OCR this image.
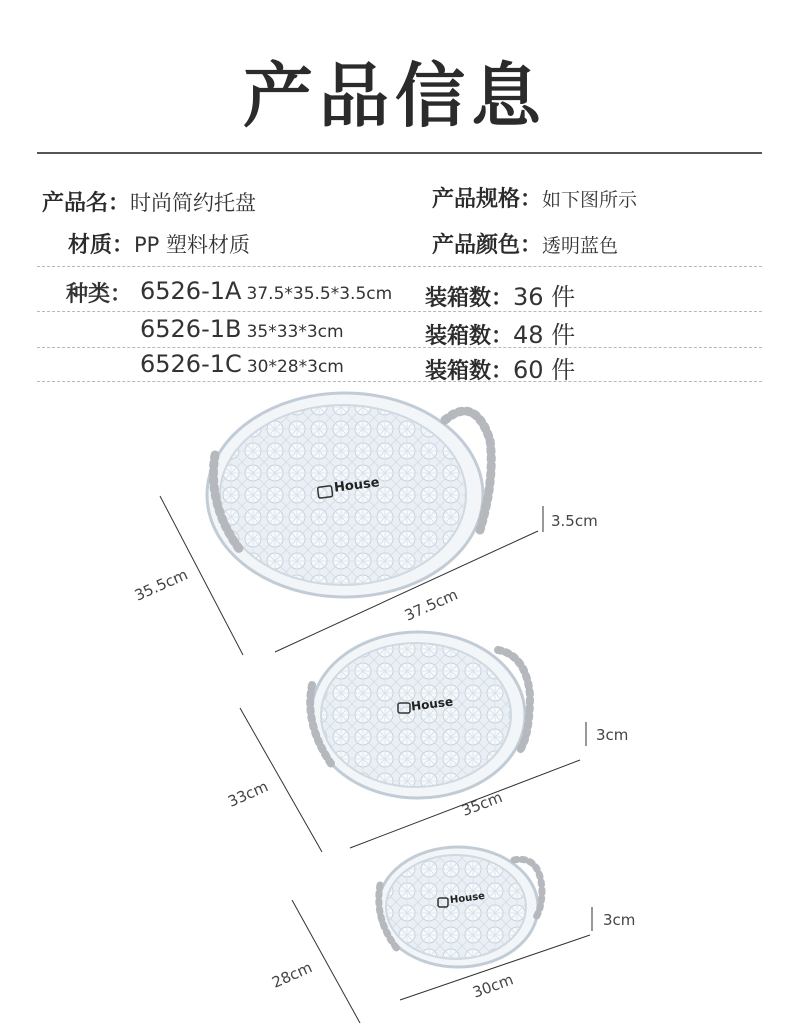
产品信息
产品名：时尚简约托盘	产品规格：如下图所示
材质：PP 塑料材质	产品颜色：透明蓝色
种类： 6526-1A 37.5*35.5*3.5cm 装箱数：36 件
6526-1B 35*33*3cm	装箱数：48 件
6526-1C 30*28*3cm	装箱数：60 件
House
House
House
3.5cm
37.5cm
35.5cm
3cm
35cm
33cm
3cm
30cm
28cm
